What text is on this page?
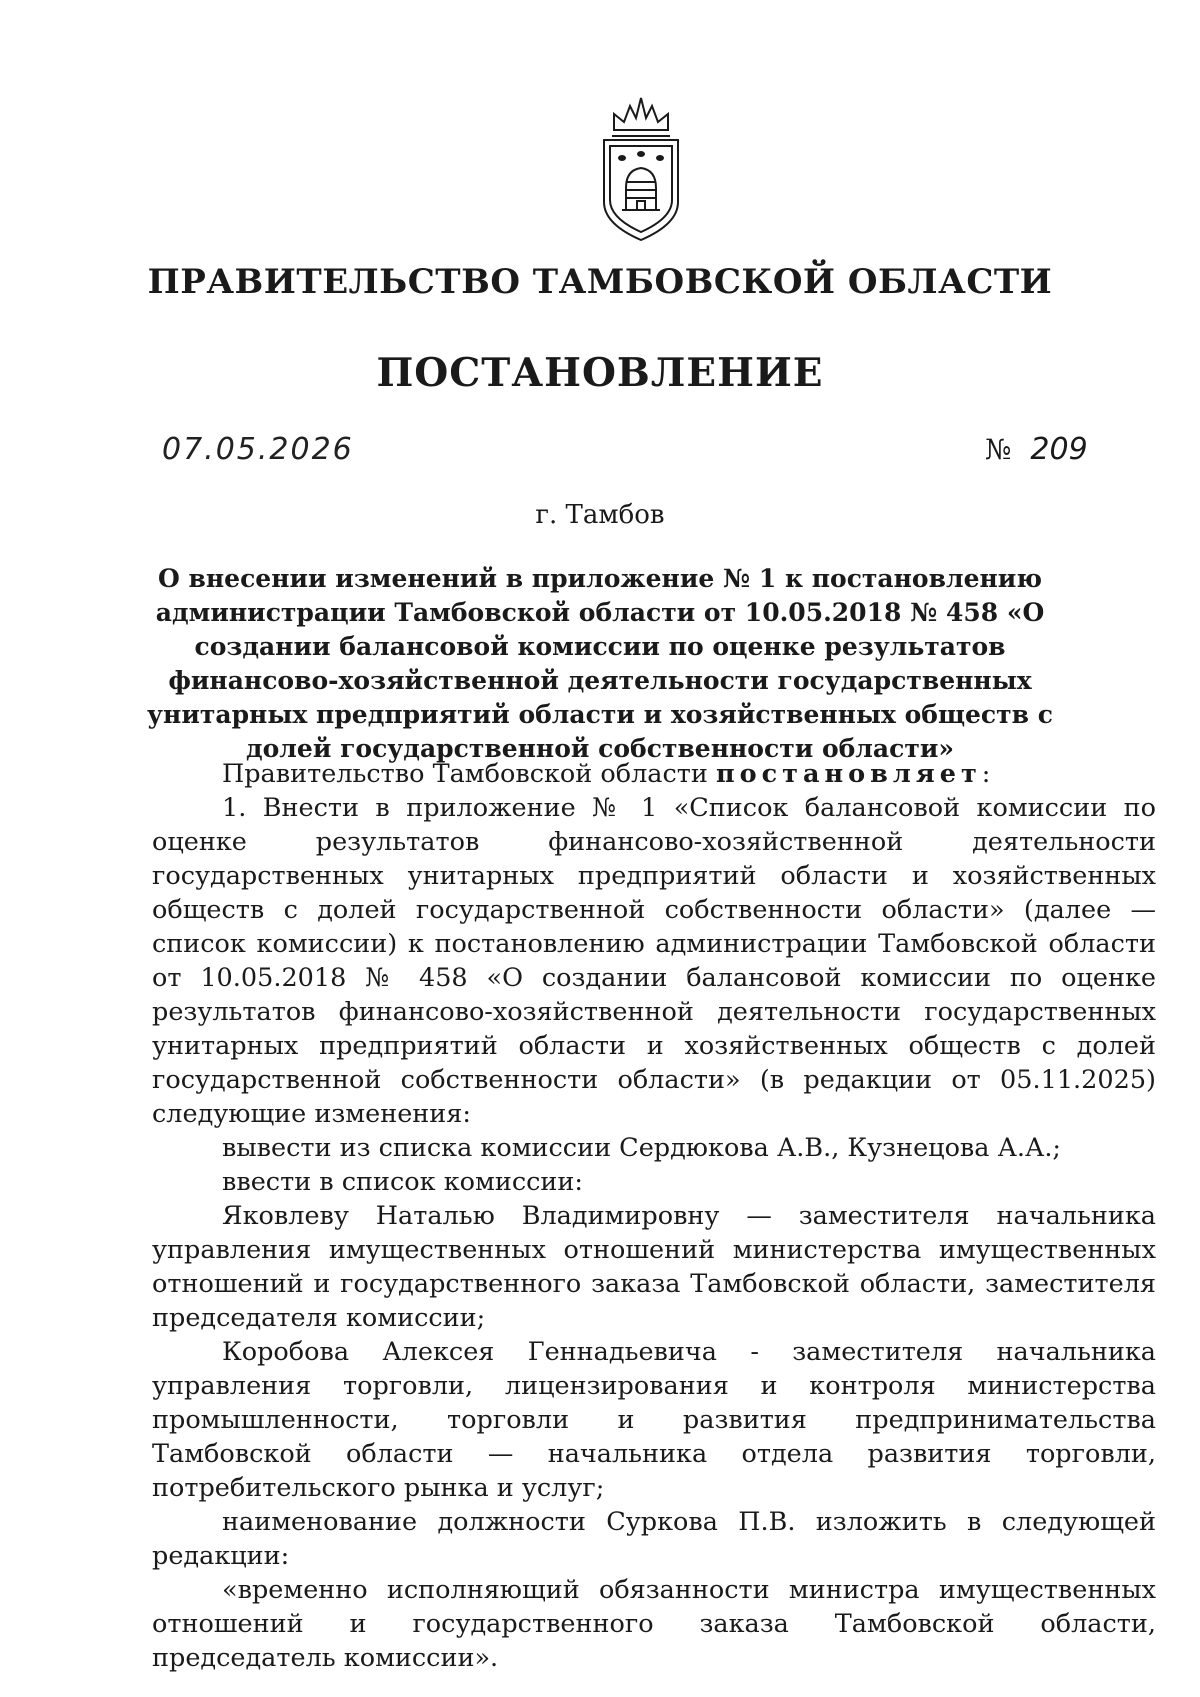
ПРАВИТЕЛЬСТВО ТАМБОВСКОЙ ОБЛАСТИ
ПОСТАНОВЛЕНИЕ
07.05.2026	№ 209
г. Тамбов
О внесении изменений в приложение № 1 к постановлению администрации Тамбовской области от 10.05.2018 № 458 «О создании балансовой комиссии по оценке результатов финансово-хозяйственной деятельности государственных унитарных предприятий области и хозяйственных обществ с долей государственной собственности области»

Правительство Тамбовской области постановляет:

1. Внести в приложение № 1 «Список балансовой комиссии по оценке результатов финансово-хозяйственной деятельности государственных унитарных предприятий области и хозяйственных обществ с долей государственной собственности области» (далее — список комиссии) к постановлению администрации Тамбовской области от 10.05.2018 № 458 «О создании балансовой комиссии по оценке результатов финансово-хозяйственной деятельности государственных унитарных предприятий области и хозяйственных обществ с долей государственной собственности области» (в редакции от 05.11.2025) следующие изменения:

вывести из списка комиссии Сердюкова А.В., Кузнецова А.А.;

ввести в список комиссии:

Яковлеву Наталью Владимировну — заместителя начальника управления имущественных отношений министерства имущественных отношений и государственного заказа Тамбовской области, заместителя председателя комиссии;

Коробова Алексея Геннадьевича - заместителя начальника управления торговли, лицензирования и контроля министерства промышленности, торговли и развития предпринимательства Тамбовской области — начальника отдела развития торговли, потребительского рынка и услуг;

наименование должности Суркова П.В. изложить в следующей редакции:

«временно исполняющий обязанности министра имущественных отношений и государственного заказа Тамбовской области, председатель комиссии».
